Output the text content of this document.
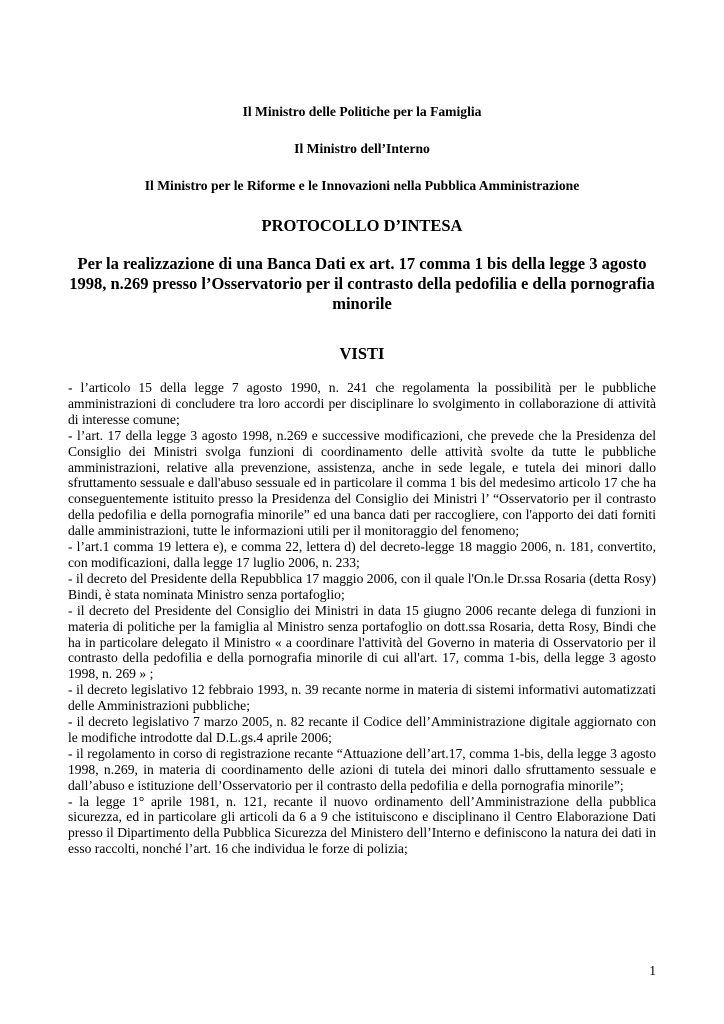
Il Ministro delle Politiche per la Famiglia

Il Ministro dell’Interno

Il Ministro per le Riforme e le Innovazioni nella Pubblica Amministrazione

PROTOCOLLO D’INTESA
Per la realizzazione di una Banca Dati ex art. 17 comma 1 bis della legge 3 agosto 1998, n.269 presso l’Osservatorio per il contrasto della pedofilia e della pornografia minorile
VISTI
- l’articolo 15 della legge 7 agosto 1990, n. 241 che regolamenta la possibilità per le pubbliche amministrazioni di concludere tra loro accordi per disciplinare lo svolgimento in collaborazione di attività di interesse comune;
- l’art. 17 della legge 3 agosto 1998, n.269 e successive modificazioni, che prevede che la Presidenza del Consiglio dei Ministri svolga funzioni di coordinamento delle attività svolte da tutte le pubbliche amministrazioni, relative alla prevenzione, assistenza, anche in sede legale, e tutela dei minori dallo sfruttamento sessuale e dall'abuso sessuale ed in particolare il comma 1 bis del medesimo articolo 17 che ha conseguentemente istituito presso la Presidenza del Consiglio dei Ministri l’ “Osservatorio per il contrasto della pedofilia e della pornografia minorile” ed una banca dati per raccogliere, con l'apporto dei dati forniti dalle amministrazioni, tutte le informazioni utili per il monitoraggio del fenomeno;
- l’art.1 comma 19 lettera e), e comma 22, lettera d) del decreto-legge 18 maggio 2006, n. 181, convertito, con modificazioni, dalla legge 17 luglio 2006, n. 233;
- il decreto del Presidente della Repubblica 17 maggio 2006, con il quale l'On.le Dr.ssa Rosaria (detta Rosy) Bindi, è stata nominata Ministro senza portafoglio;
- il decreto del Presidente del Consiglio dei Ministri in data 15 giugno 2006 recante delega di funzioni in materia di politiche per la famiglia al Ministro senza portafoglio on dott.ssa Rosaria, detta Rosy, Bindi che ha in particolare delegato il Ministro « a coordinare l'attività del Governo in materia di Osservatorio per il contrasto della pedofilia e della pornografia minorile di cui all'art. 17, comma 1-bis, della legge 3 agosto 1998, n. 269 » ;
- il decreto legislativo 12 febbraio 1993, n. 39 recante norme in materia di sistemi informativi automatizzati delle Amministrazioni pubbliche;
- il decreto legislativo 7 marzo 2005, n. 82 recante il Codice dell’Amministrazione digitale aggiornato con le modifiche introdotte dal D.L.gs.4 aprile 2006;
- il regolamento in corso di registrazione recante “Attuazione dell’art.17, comma 1-bis, della legge 3 agosto 1998, n.269, in materia di coordinamento delle azioni di tutela dei minori dallo sfruttamento sessuale e dall’abuso e istituzione dell’Osservatorio per il contrasto della pedofilia e della pornografia minorile”;
- la legge 1° aprile 1981, n. 121, recante il nuovo ordinamento dell’Amministrazione della pubblica sicurezza, ed in particolare gli articoli da 6 a 9 che istituiscono e disciplinano il Centro Elaborazione Dati presso il Dipartimento della Pubblica Sicurezza del Ministero dell’Interno e definiscono la natura dei dati in esso raccolti, nonché l’art. 16 che individua le forze di polizia;

1
